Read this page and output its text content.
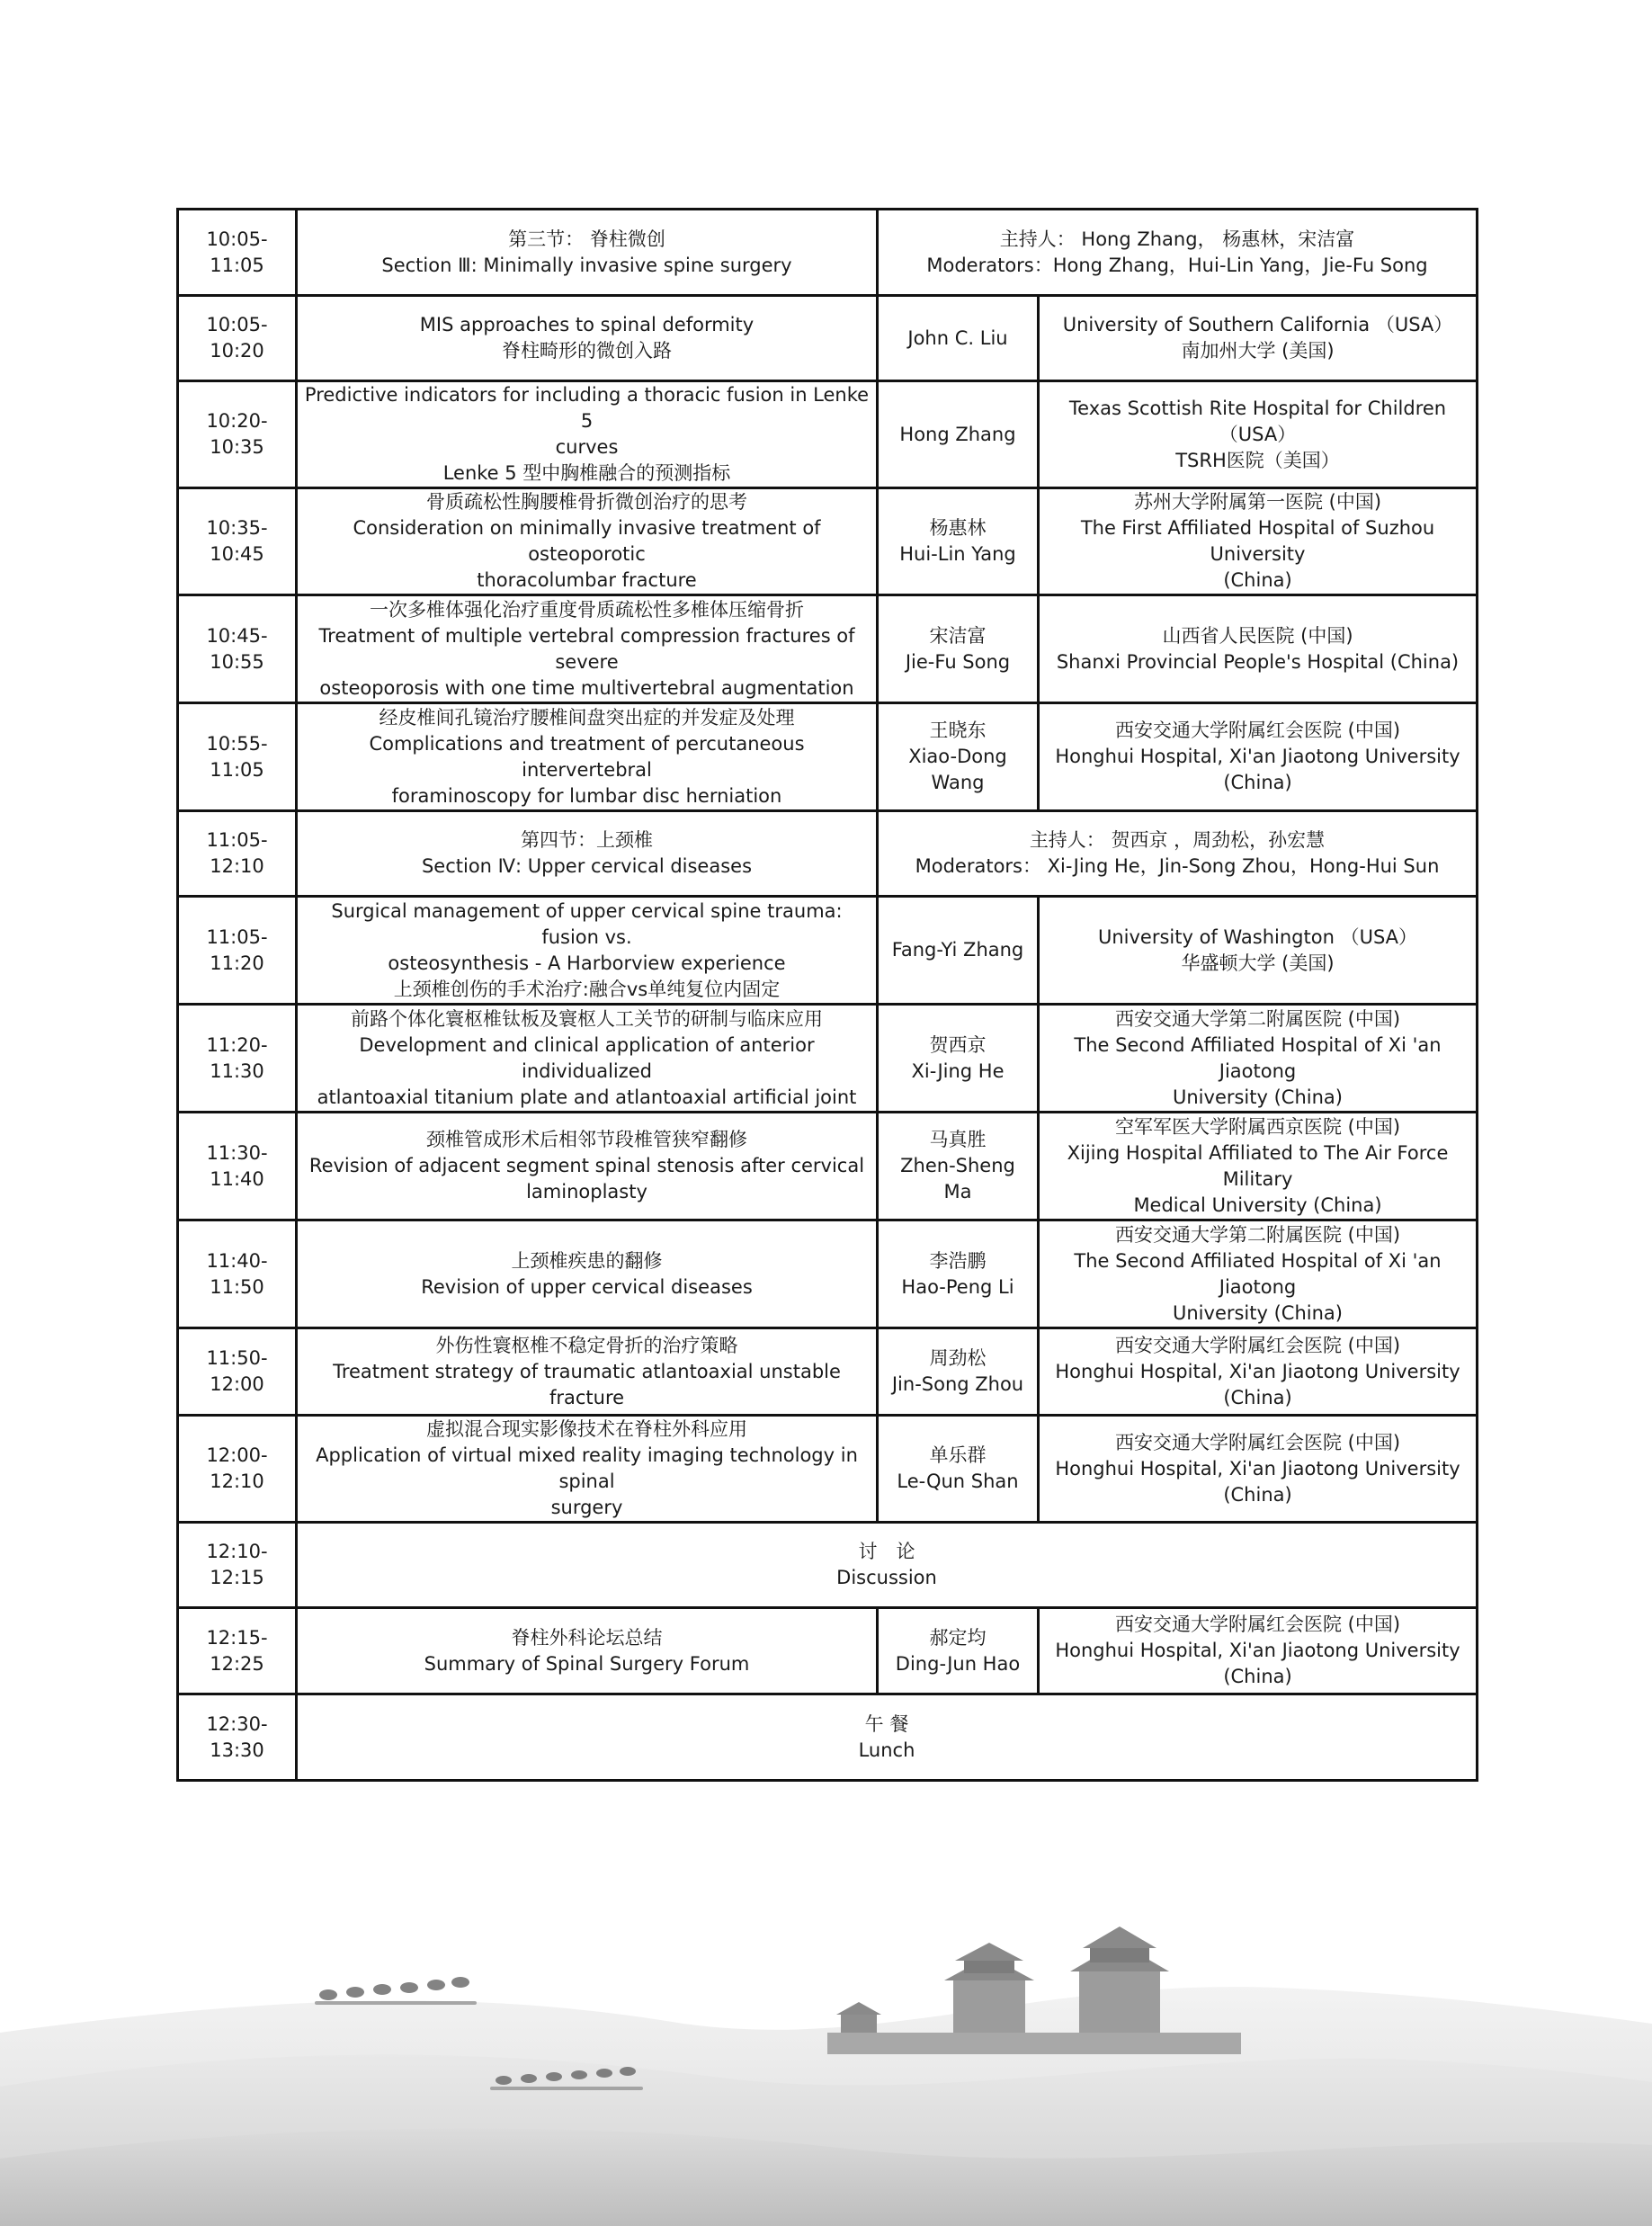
10:05-11:05	第三节： 脊柱微创
Section Ⅲ: Minimally invasive spine surgery	主持人： Hong Zhang， 杨惠林，宋洁富
Moderators：Hong Zhang，Hui-Lin Yang，Jie-Fu Song	

10:05-10:20	MIS approaches to spinal deformity
脊柱畸形的微创入路	John C. Liu	University of Southern California （USA）
南加州大学 (美国)

10:20-10:35	Predictive indicators for including a thoracic fusion in Lenke 5
curves
Lenke 5 型中胸椎融合的预测指标	Hong Zhang	Texas Scottish Rite Hospital for Children （USA）
TSRH医院（美国）

10:35-10:45	骨质疏松性胸腰椎骨折微创治疗的思考
Consideration on minimally invasive treatment of osteoporotic
thoracolumbar fracture	杨惠林
Hui-Lin Yang	苏州大学附属第一医院 (中国)
The First Affiliated Hospital of Suzhou University
(China)

10:45-10:55	一次多椎体强化治疗重度骨质疏松性多椎体压缩骨折
Treatment of multiple vertebral compression fractures of severe
osteoporosis with one time multivertebral augmentation	宋洁富
Jie-Fu Song	山西省人民医院 (中国)
Shanxi Provincial People's Hospital (China)

10:55-11:05	经皮椎间孔镜治疗腰椎间盘突出症的并发症及处理
Complications and treatment of percutaneous intervertebral
foraminoscopy for lumbar disc herniation	王晓东
Xiao-Dong Wang	西安交通大学附属红会医院 (中国)
Honghui Hospital, Xi'an Jiaotong University
(China)

11:05-12:10	第四节：上颈椎
Section Ⅳ: Upper cervical diseases	主持人： 贺西京 ，周劲松，孙宏慧
Moderators： Xi-Jing He，Jin-Song Zhou，Hong-Hui Sun	

11:05-11:20	Surgical management of upper cervical spine trauma: fusion vs.
osteosynthesis - A Harborview experience
上颈椎创伤的手术治疗:融合vs单纯复位内固定	Fang-Yi Zhang	University of Washington （USA）
华盛顿大学 (美国)

11:20-11:30	前路个体化寰枢椎钛板及寰枢人工关节的研制与临床应用
Development and clinical application of anterior individualized
atlantoaxial titanium plate and atlantoaxial artificial joint	贺西京
Xi-Jing He	西安交通大学第二附属医院 (中国)
The Second Affiliated Hospital of Xi 'an Jiaotong
University (China)

11:30-11:40	颈椎管成形术后相邻节段椎管狭窄翻修
Revision of adjacent segment spinal stenosis after cervical
laminoplasty	马真胜
Zhen-Sheng Ma	空军军医大学附属西京医院 (中国)
Xijing Hospital Affiliated to The Air Force Military
Medical University (China)

11:40-11:50	上颈椎疾患的翻修
Revision of upper cervical diseases	李浩鹏
Hao-Peng Li	西安交通大学第二附属医院 (中国)
The Second Affiliated Hospital of Xi 'an Jiaotong
University (China)

11:50-12:00	外伤性寰枢椎不稳定骨折的治疗策略
Treatment strategy of traumatic atlantoaxial unstable fracture	周劲松
Jin-Song Zhou	西安交通大学附属红会医院 (中国)
Honghui Hospital, Xi'an Jiaotong University
(China)

12:00-12:10	虚拟混合现实影像技术在脊柱外科应用
Application of virtual mixed reality imaging technology in spinal
surgery	单乐群
Le-Qun Shan	西安交通大学附属红会医院 (中国)
Honghui Hospital, Xi'an Jiaotong University
(China)

12:10-12:15	讨　论
Discussion		

12:15-12:25	脊柱外科论坛总结
Summary of Spinal Surgery Forum	郝定均
Ding-Jun Hao	西安交通大学附属红会医院 (中国)
Honghui Hospital, Xi'an Jiaotong University
(China)

12:30-13:30	午 餐
Lunch		
